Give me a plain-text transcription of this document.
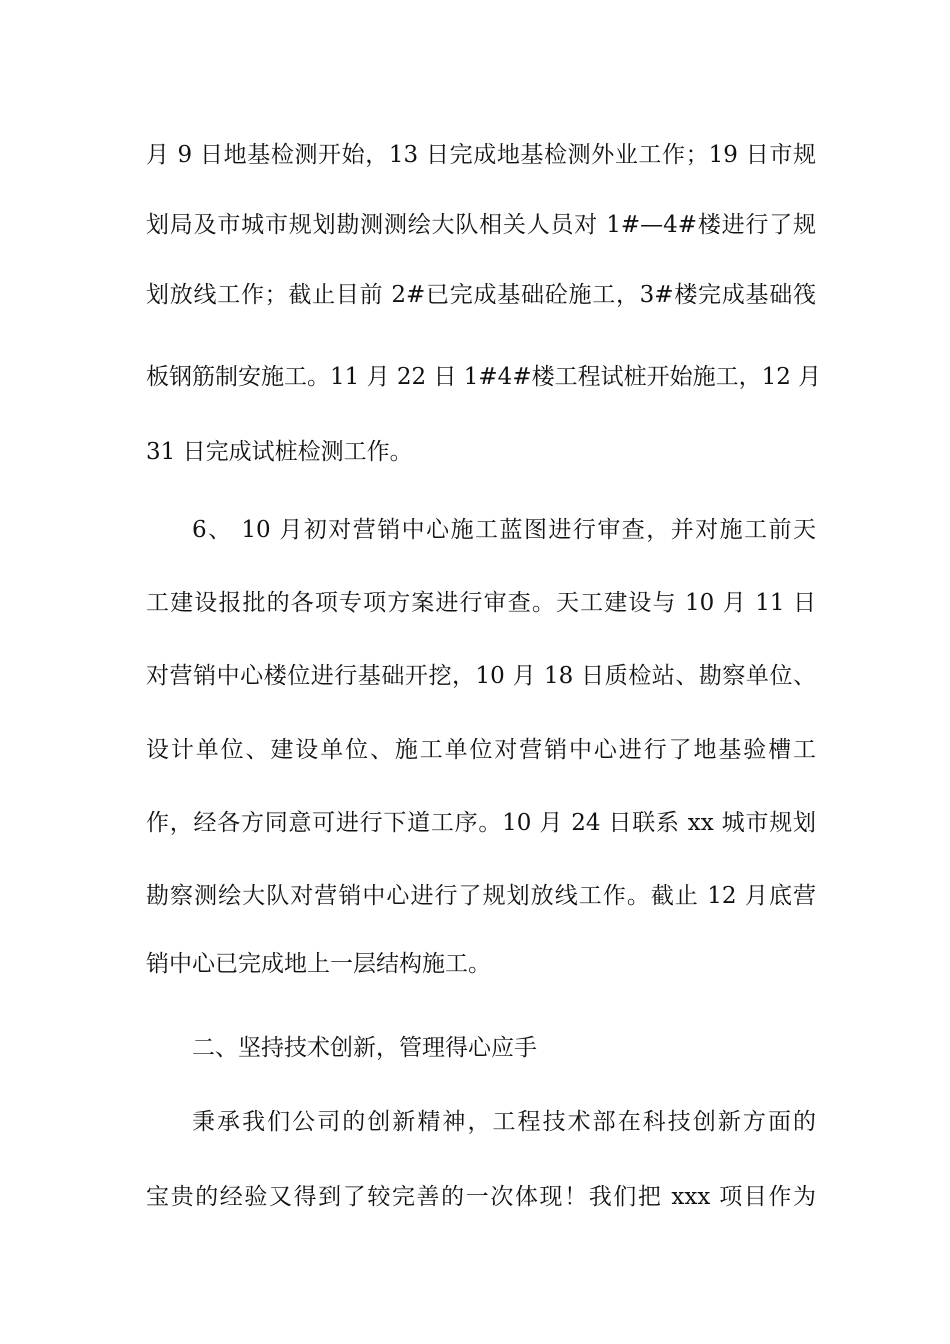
月 9 日地基检测开始，13 日完成地基检测外业工作；19 日市规
划局及市城市规划勘测测绘大队相关人员对 1#—4#楼进行了规
划放线工作；截止目前 2#已完成基础砼施工，3#楼完成基础筏
板钢筋制安施工。11 月 22 日 1#4#楼工程试桩开始施工，12 月
31 日完成试桩检测工作。
6、 10 月初对营销中心施工蓝图进行审查，并对施工前天
工建设报批的各项专项方案进行审查。天工建设与 10 月 11 日
对营销中心楼位进行基础开挖，10 月 18 日质检站、勘察单位、
设计单位、建设单位、施工单位对营销中心进行了地基验槽工
作，经各方同意可进行下道工序。10 月 24 日联系 xx 城市规划
勘察测绘大队对营销中心进行了规划放线工作。截止 12 月底营
销中心已完成地上一层结构施工。
二、坚持技术创新，管理得心应手
秉承我们公司的创新精神，工程技术部在科技创新方面的
宝贵的经验又得到了较完善的一次体现！我们把 xxx 项目作为
